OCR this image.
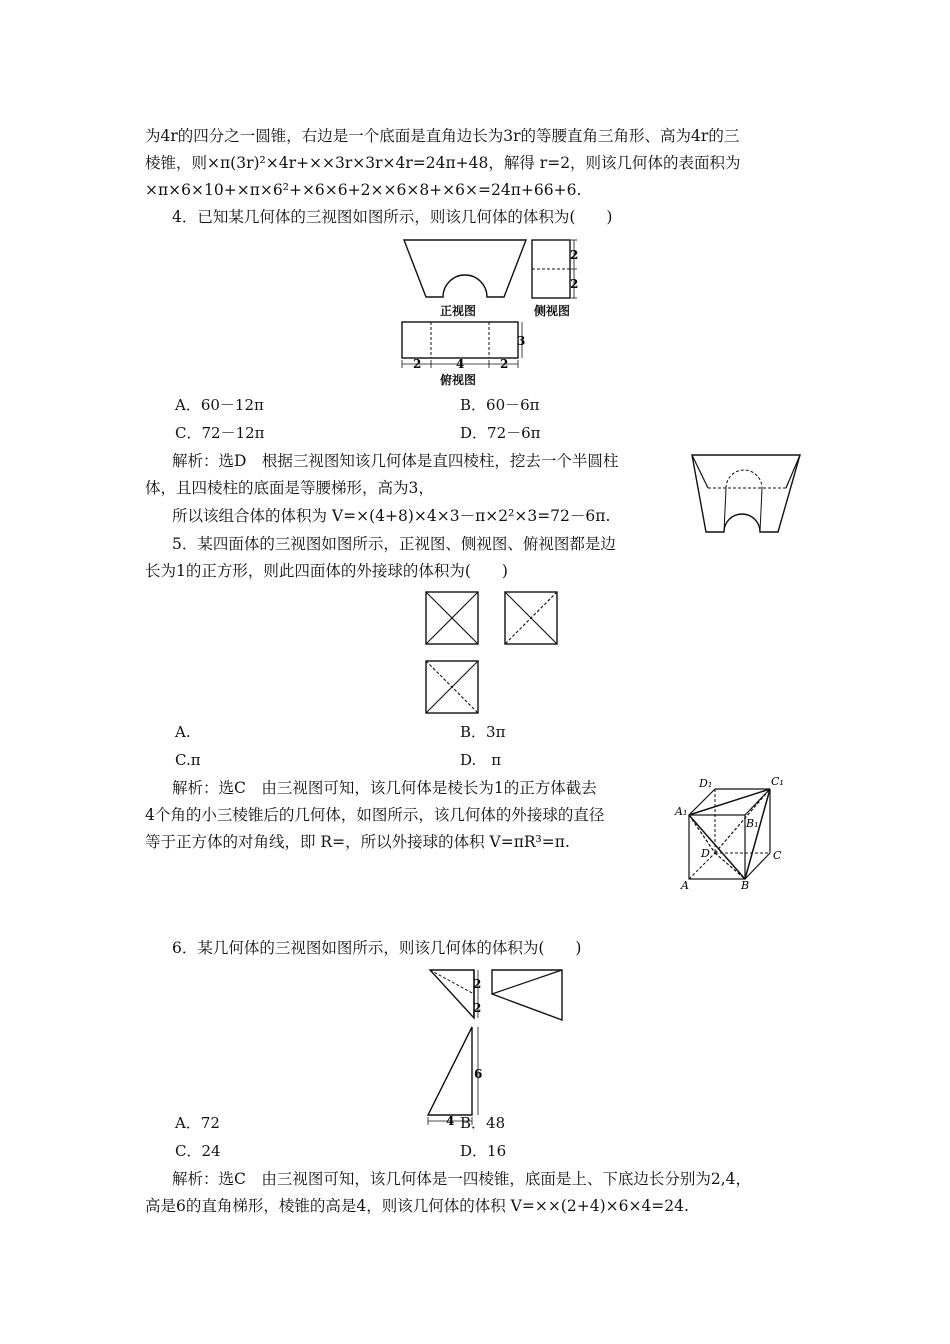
为4r的四分之一圆锥，右边是一个底面是直角边长为3r的等腰直角三角形、高为4r的三
棱锥，则×π(3r)²×4r+××3r×3r×4r=24π+48，解得 r=2，则该几何体的表面积为
×π×6×10+×π×6²+×6×6+2××6×8+×6×=24π+66+6.
4．已知某几何体的三视图如图所示，则该几何体的体积为(　　)
正视图
2
2
侧视图
3
2	4	2
俯视图
A．60－12π	B．60－6π
C．72－12π	D．72－6π
解析：选D　根据三视图知该几何体是直四棱柱，挖去一个半圆柱
体，且四棱柱的底面是等腰梯形，高为3，
所以该组合体的体积为 V=×(4+8)×4×3－π×2²×3=72－6π.
5．某四面体的三视图如图所示，正视图、侧视图、俯视图都是边
长为1的正方形，则此四面体的外接球的体积为(　　)
A.	B．3π
C.π	D.　π
解析：选C　由三视图可知，该几何体是棱长为1的正方体截去
4个角的小三棱锥后的几何体，如图所示，该几何体的外接球的直径
等于正方体的对角线，即 R=，所以外接球的体积 V=πR³=π.
D₁	C₁
A₁
B₁
D	C
A	B
6．某几何体的三视图如图所示，则该几何体的体积为(　　)
2
2
6
4
A．72	B．48
C．24	D．16
解析：选C　由三视图可知，该几何体是一四棱锥，底面是上、下底边长分别为2,4，
高是6的直角梯形，棱锥的高是4，则该几何体的体积 V=××(2+4)×6×4=24.
